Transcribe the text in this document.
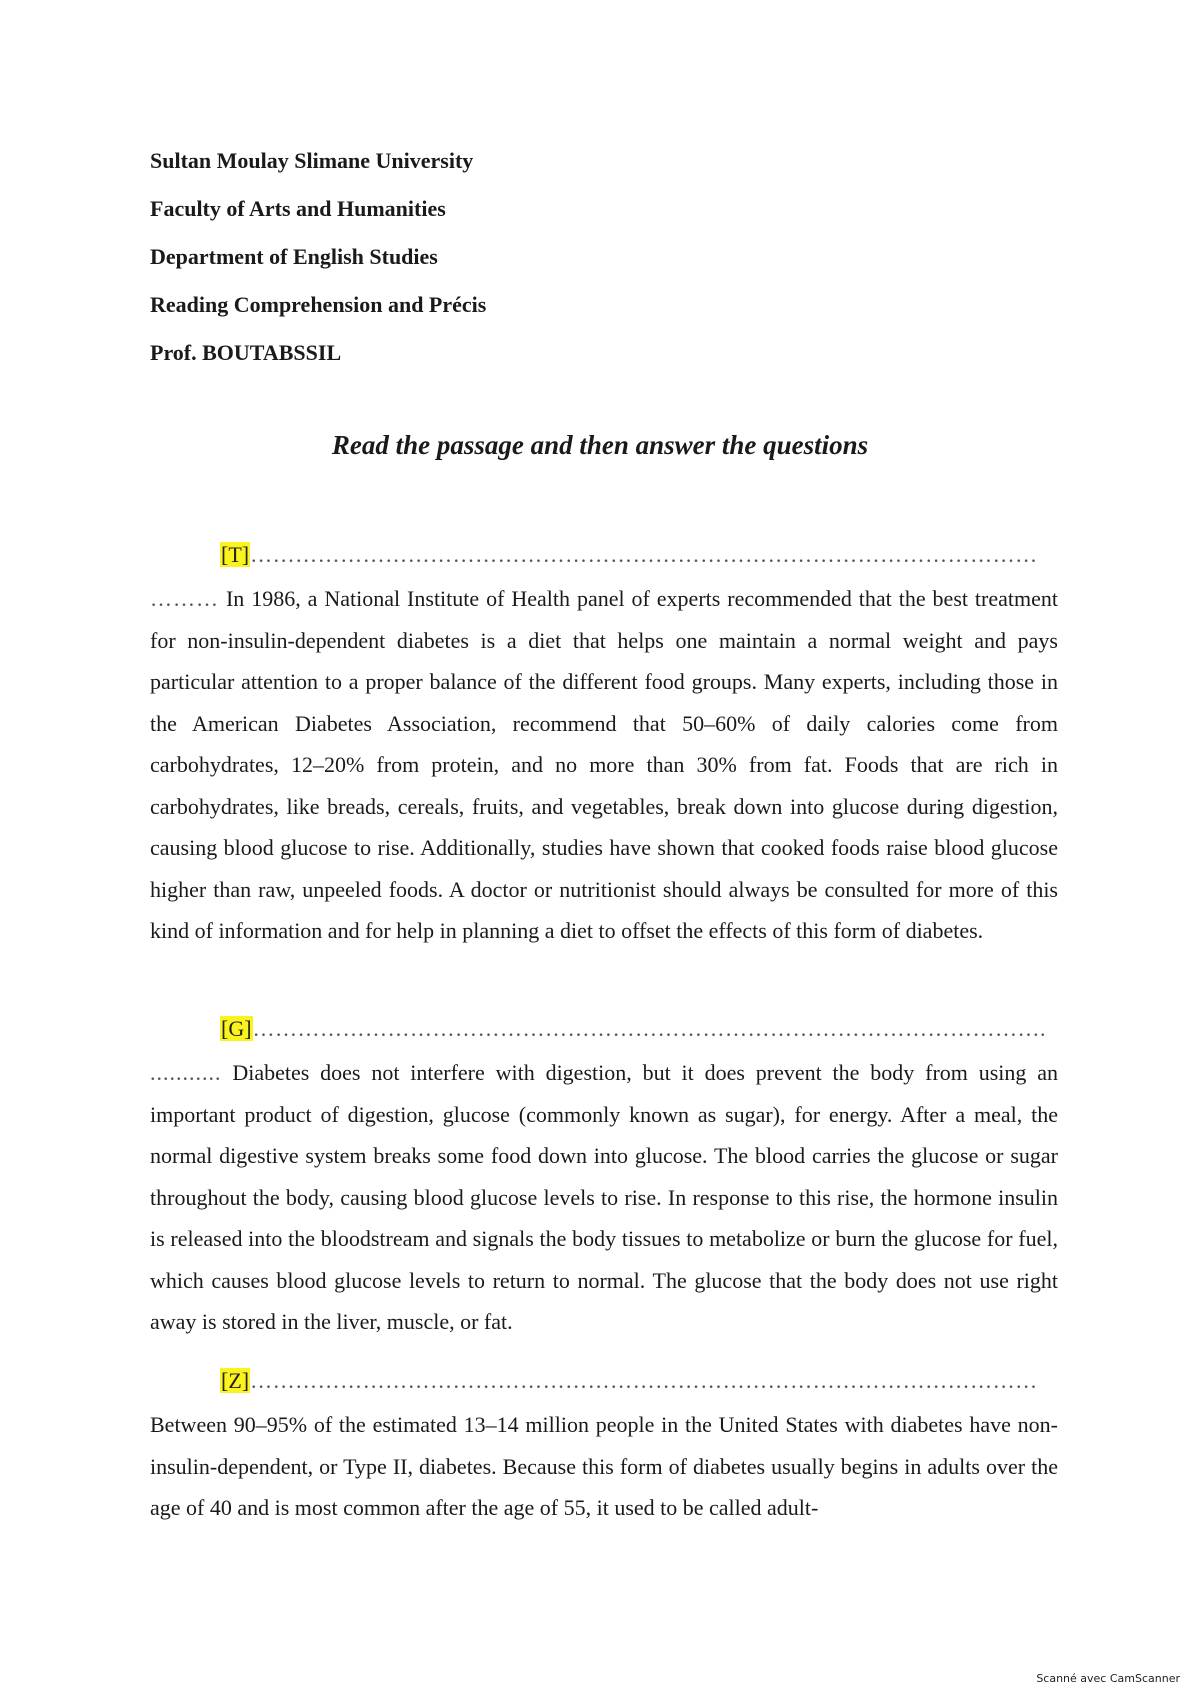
Sultan Moulay Slimane University
Faculty of Arts and Humanities
Department of English Studies
Reading Comprehension and Précis
Prof. BOUTABSSIL
Read the passage and then answer the questions
[T]……………………………………………………………………………………………

……… In 1986, a National Institute of Health panel of experts recommended that the best treatment for non-insulin-dependent diabetes is a diet that helps one maintain a normal weight and pays particular attention to a proper balance of the different food groups. Many experts, including those in the American Diabetes Association, recommend that 50–60% of daily calories come from carbohydrates, 12–20% from protein, and no more than 30% from fat. Foods that are rich in carbohydrates, like breads, cereals, fruits, and vegetables, break down into glucose during digestion, causing blood glucose to rise. Additionally, studies have shown that cooked foods raise blood glucose higher than raw, unpeeled foods. A doctor or nutritionist should always be consulted for more of this kind of information and for help in planning a diet to offset the effects of this form of diabetes.

[G]…………………………………………………………………………………………….

........... Diabetes does not interfere with digestion, but it does prevent the body from using an important product of digestion, glucose (commonly known as sugar), for energy. After a meal, the normal digestive system breaks some food down into glucose. The blood carries the glucose or sugar throughout the body, causing blood glucose levels to rise. In response to this rise, the hormone insulin is released into the bloodstream and signals the body tissues to metabolize or burn the glucose for fuel, which causes blood glucose levels to return to normal. The glucose that the body does not use right away is stored in the liver, muscle, or fat.

[Z]……………………………………………………………………………………………

Between 90–95% of the estimated 13–14 million people in the United States with diabetes have non-insulin-dependent, or Type II, diabetes. Because this form of diabetes usually begins in adults over the age of 40 and is most common after the age of 55, it used to be called adult-

Scanné avec CamScanner
